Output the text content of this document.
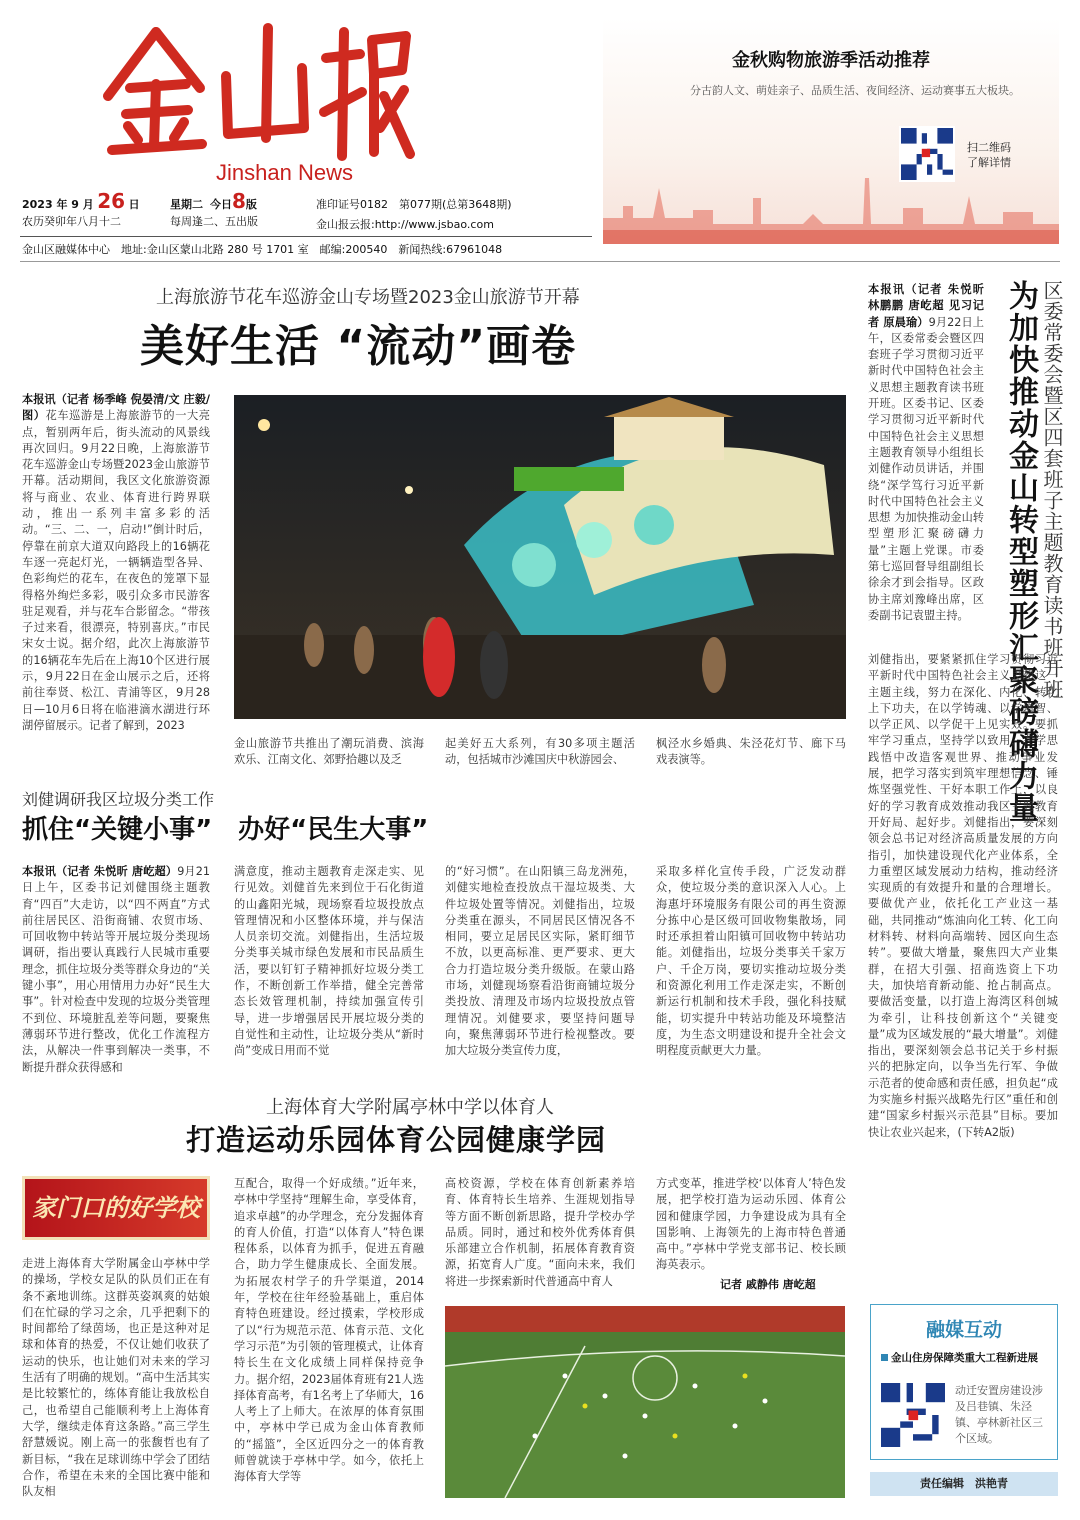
Jinshan News
2023 年 9 月 26 日
农历癸卯年八月十二
星期二 今日8版
每周逢二、五出版
准印证号0182　第077期(总第3648期)
金山报云报:http://www.jsbao.com
金山区融媒体中心　地址:金山区蒙山北路 280 号 1701 室　邮编:200540　新闻热线:67961048
金秋购物旅游季活动推荐
分古韵人文、萌娃亲子、品质生活、夜间经济、运动赛事五大板块。
扫二维码
了解详情
上海旅游节花车巡游金山专场暨2023金山旅游节开幕
美好生活 “流动”画卷
本报讯（记者 杨季峰 倪晏清/文 庄毅/图）花车巡游是上海旅游节的一大亮点，暂别两年后，街头流动的风景线再次回归。9月22日晚，上海旅游节花车巡游金山专场暨2023金山旅游节开幕。活动期间，我区文化旅游资源将与商业、农业、体育进行跨界联动，推出一系列丰富多彩的活动。“三、二、一，启动!”倒计时后，停靠在前京大道双向路段上的16辆花车逐一亮起灯光，一辆辆造型各异、色彩绚烂的花车，在夜色的笼罩下显得格外绚烂多彩，吸引众多市民游客驻足观看，并与花车合影留念。“带孩子过来看，很漂亮，特别喜庆。”市民宋女士说。据介绍，此次上海旅游节的16辆花车先后在上海10个区进行展示，9月22日在金山展示之后，还将前往奉贤、松江、青浦等区，9月28日—10月6日将在临港滴水湖进行环湖停留展示。记者了解到，2023
金山旅游节共推出了潮玩消费、滨海欢乐、江南文化、郊野拾趣以及乏
起美好五大系列，有30多项主题活动，包括城市沙滩国庆中秋游园会、
枫泾水乡婚典、朱泾花灯节、廊下马戏表演等。
刘健调研我区垃圾分类工作
抓住“关键小事”　办好“民生大事”
本报讯（记者 朱悦昕 唐屹超）9月21日上午，区委书记刘健围绕主题教育“四百”大走访，以“四不两直”方式前往居民区、沿街商铺、农贸市场、可回收物中转站等开展垃圾分类现场调研，指出要认真践行人民城市重要理念，抓住垃圾分类等群众身边的“关键小事”，用心用情用力办好“民生大事”。针对检查中发现的垃圾分类管理不到位、环境脏乱差等问题，要聚焦薄弱环节进行整改，优化工作流程方法，从解决一件事到解决一类事，不断提升群众获得感和
满意度，推动主题教育走深走实、见行见效。刘健首先来到位于石化街道的山鑫阳光城，现场察看垃圾投放点管理情况和小区整体环境，并与保洁人员亲切交流。刘健指出，生活垃圾分类事关城市绿色发展和市民品质生活，要以钉钉子精神抓好垃圾分类工作，不断创新工作举措，健全完善常态长效管理机制，持续加强宣传引导，进一步增强居民开展垃圾分类的自觉性和主动性，让垃圾分类从“新时尚”变成日用而不觉
的“好习惯”。在山阳镇三岛龙洲苑，刘健实地检查投放点干湿垃圾类、大件垃圾处置等情况。刘健指出，垃圾分类重在源头，不同居民区情况各不相同，要立足居民区实际，紧盯细节不放，以更高标准、更严要求、更大合力打造垃圾分类升级版。在蒙山路市场，刘健现场察看沿街商铺垃圾分类投放、清理及市场内垃圾投放点管理情况。刘健要求，要坚持问题导向，聚焦薄弱环节进行检视整改。要加大垃圾分类宣传力度，
采取多样化宣传手段，广泛发动群众，使垃圾分类的意识深入人心。上海惠圩环境服务有限公司的再生资源分拣中心是区级可回收物集散场，同时还承担着山阳镇可回收物中转站功能。刘健指出，垃圾分类事关千家万户、千企万岗，要切实推动垃圾分类和资源化利用工作走深走实，不断创新运行机制和技术手段，强化科技赋能，切实提升中转站功能及环境整洁度，为生态文明建设和提升全社会文明程度贡献更大力量。
上海体育大学附属亭林中学以体育人
打造运动乐园体育公园健康学园
家门口的好学校
走进上海体育大学附属金山亭林中学的操场，学校女足队的队员们正在有条不紊地训练。这群英姿飒爽的姑娘们在忙碌的学习之余，几乎把剩下的时间都给了绿茵场，也正是这种对足球和体育的热爱，不仅让她们收获了运动的快乐，也让她们对未来的学习生活有了明确的规划。“高中生活其实是比较繁忙的，练体育能让我放松自己，也希望自己能顺利考上上海体育大学，继续走体育这条路。”高三学生舒慧媛说。刚上高一的张馥哲也有了新目标，“我在足球训练中学会了团结合作，希望在未来的全国比赛中能和队友相
互配合，取得一个好成绩。”近年来，亭林中学坚持“理解生命，享受体育，追求卓越”的办学理念，充分发掘体育的育人价值，打造“以体育人”特色课程体系，以体育为抓手，促进五育融合，助力学生健康成长、全面发展。为拓展农村学子的升学渠道，2014年，学校在往年经验基础上，重启体育特色班建设。经过摸索，学校形成了以“行为规范示范、体育示范、文化学习示范”为引领的管理模式，让体育特长生在文化成绩上同样保持竞争力。据介绍，2023届体育班有21人选择体育高考，有1名考上了华师大，16人考上了上师大。在浓厚的体育氛围中，亭林中学已成为金山体育教师的“摇篮”，全区近四分之一的体育教师曾就读于亭林中学。如今，依托上海体育大学等
高校资源，学校在体育创新素养培育、体育特长生培养、生涯规划指导等方面不断创新思路，提升学校办学品质。同时，通过和校外优秀体育俱乐部建立合作机制，拓展体育教育资源，拓宽育人广度。“面向未来，我们将进一步探索新时代普通高中育人
方式变革，推进学校‘以体育人’特色发展，把学校打造为运动乐园、体育公园和健康学园，力争建设成为具有全国影响、上海领先的上海市特色普通高中。”亭林中学党支部书记、校长顾海英表示。
记者 戚静伟 唐屹超
区委常委会暨区四套班子主题教育读书班开班
为加快推动金山转型塑形汇聚磅礴力量
本报讯（记者 朱悦昕 林鹏鹏 唐屹超 见习记者 原晨瑜）9月22日上午，区委常委会暨区四套班子学习贯彻习近平新时代中国特色社会主义思想主题教育读书班开班。区委书记、区委学习贯彻习近平新时代中国特色社会主义思想主题教育领导小组组长刘健作动员讲话，并围绕“深学笃行习近平新时代中国特色社会主义思想 为加快推动金山转型塑形汇聚磅礴力量”主题上党课。市委第七巡回督导组副组长徐余才到会指导。区政协主席刘豫峰出席，区委副书记袁盟主持。
刘健指出，要紧紧抓住学习贯彻习近平新时代中国特色社会主义思想这一主题主线，努力在深化、内化、转化上下功夫，在以学铸魂、以学增智、以学正风、以学促干上见实效。要抓牢学习重点，坚持学以致用，在学思践悟中改造客观世界、推动事业发展，把学习落实到筑牢理想信念、锤炼坚强党性、干好本职工作上，以良好的学习教育成效推动我区主题教育开好局、起好步。刘健指出，要深刻领会总书记对经济高质量发展的方向指引，加快建设现代化产业体系，全力重塑区域发展动力结构，推动经济实现质的有效提升和量的合理增长。要做优产业，依托化工产业这一基础，共同推动“炼油向化工转、化工向材料转、材料向高端转、园区向生态转”。要做大增量，聚焦四大产业集群，在招大引强、招商选资上下功夫，加快培育新动能、抢占制高点。要做活变量，以打造上海湾区科创城为牵引，让科技创新这个“关键变量”成为区域发展的“最大增量”。刘健指出，要深刻领会总书记关于乡村振兴的把脉定向，以争当先行军、争做示范者的使命感和责任感，担负起“成为实施乡村振兴战略先行区”重任和创建“国家乡村振兴示范县”目标。要加快让农业兴起来，(下转A2版)
融媒互动
金山住房保障类重大工程新进展
动迁安置房建设涉及吕巷镇、朱泾镇、亭林新社区三个区域。
责任编辑　洪艳青
